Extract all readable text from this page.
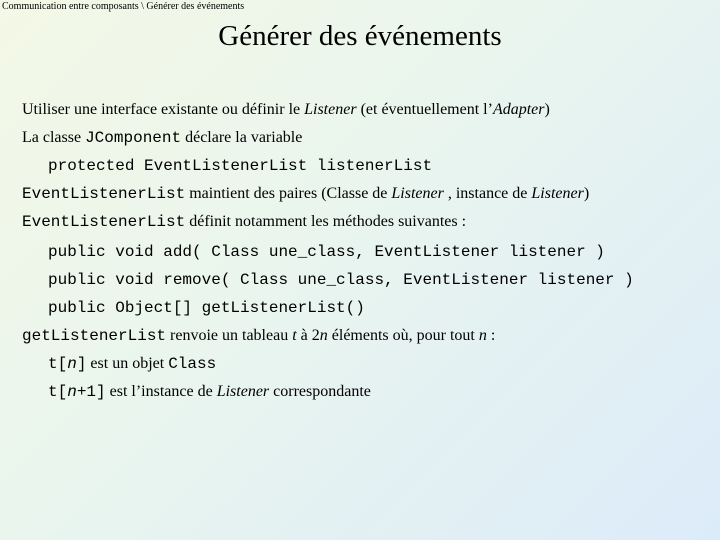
Communication entre composants \ Générer des événements
Générer des événements
Utiliser une interface existante ou définir le Listener (et éventuellement l’Adapter)
La classe JComponent déclare la variable
protected EventListenerList listenerList
EventListenerList maintient des paires (Classe de Listener , instance de Listener)
EventListenerList définit notamment les méthodes suivantes :
public void add( Class une_class, EventListener listener )
public void remove( Class une_class, EventListener listener )
public Object[] getListenerList()
getListenerList renvoie un tableau t à 2n éléments où, pour tout n :
t[n] est un objet Class
t[n+1] est l’instance de Listener correspondante
